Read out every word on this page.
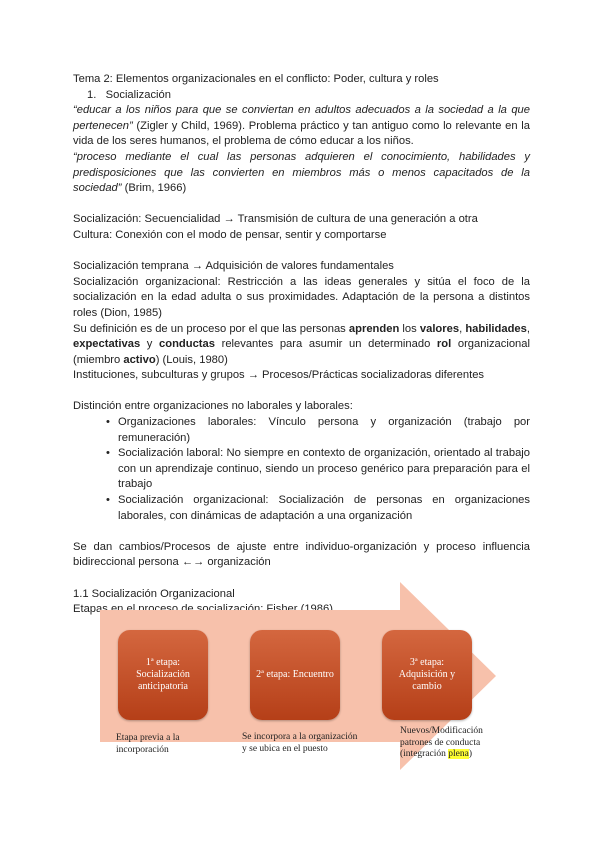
Tema 2: Elementos organizacionales en el conflicto: Poder, cultura y roles

1. Socialización

“educar a los niños para que se conviertan en adultos adecuados a la sociedad a la que pertenecen” (Zigler y Child, 1969). Problema práctico y tan antiguo como lo relevante en la vida de los seres humanos, el problema de cómo educar a los niños.

“proceso mediante el cual las personas adquieren el conocimiento, habilidades y predisposiciones que las convierten en miembros más o menos capacitados de la sociedad” (Brim, 1966)

Socialización: Secuencialidad → Transmisión de cultura de una generación a otra

Cultura: Conexión con el modo de pensar, sentir y comportarse

Socialización temprana → Adquisición de valores fundamentales

Socialización organizacional: Restricción a las ideas generales y sitúa el foco de la socialización en la edad adulta o sus proximidades. Adaptación de la persona a distintos roles (Dion, 1985)

Su definición es de un proceso por el que las personas aprenden los valores, habilidades, expectativas y conductas relevantes para asumir un determinado rol organizacional (miembro activo) (Louis, 1980)

Instituciones, subculturas y grupos → Procesos/Prácticas socializadoras diferentes

Distinción entre organizaciones no laborales y laborales:

• Organizaciones laborales: Vínculo persona y organización (trabajo por remuneración)
• Socialización laboral: No siempre en contexto de organización, orientado al trabajo con un aprendizaje continuo, siendo un proceso genérico para preparación para el trabajo
• Socialización organizacional: Socialización de personas en organizaciones laborales, con dinámicas de adaptación a una organización

Se dan cambios/Procesos de ajuste entre individuo-organización y proceso influencia bidireccional persona ←→ organización

1.1 Socialización Organizacional

Etapas en el proceso de socialización: Fisher (1986)

1ª etapa: Socialización anticipatoria
2ª etapa: Encuentro
3ª etapa: Adquisición y cambio
Etapa previa a la incorporación
Se incorpora a la organización y se ubica en el puesto
Nuevos/Modificación patrones de conducta (integración plena)
